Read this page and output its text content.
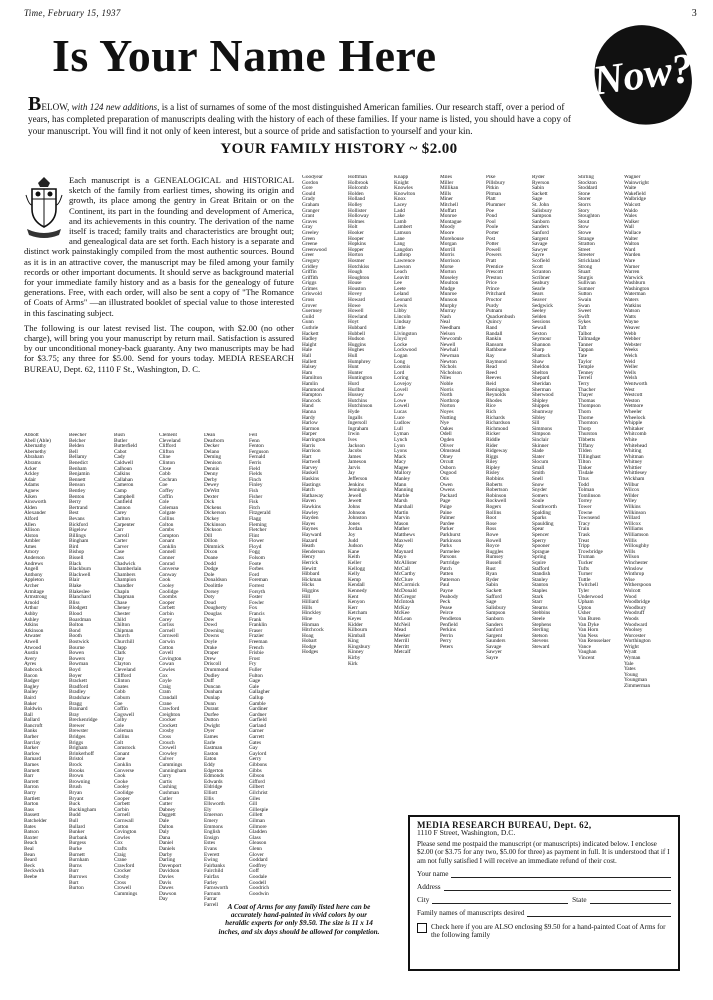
Time, February 15, 1937	3
Is Your Name Here	Now?

BELOW, with 124 new additions, is a list of surnames of some of the most distinguished American families. Our research staff, over a period of years, has completed preparation of manuscripts dealing with the history of each of these families. If your name is listed, you should have a copy of your manuscript. You will find it not only of keen interest, but a source of pride and satisfaction to yourself and your kin.

YOUR FAMILY HISTORY ~ $2.00
Each manuscript is a GENEALOGICAL and HISTORICAL sketch of the family from earliest times, showing its origin and growth, its place among the gentry in Great Britain or on the Continent, its part in the founding and development of America, and its achievements in this country. The derivation of the name itself is traced; family traits and characteristics are brought out; and genealogical data are set forth. Each history is a separate and distinct work painstakingly compiled from the most authentic sources. Bound as it is in an attractive cover, the manuscript may be filed among your family records or other important documents. It should serve as background material for your immediate family history and as a basis for the genealogy of future generations. Free, with each order, will also be sent a copy of "The Romance of Coats of Arms" —an illustrated booklet of special value to those interested in this fascinating subject.
The following is our latest revised list. The coupon, with $2.00 (no other charge), will bring you your manuscript by return mail. Satisfaction is assured by our unconditional money-back guaranty. Any two manuscripts may be had for $3.75; any three for $5.00. Send for yours today. MEDIA RESEARCH BUREAU, Dept. 62, 1110 F St., Washington, D. C.
Abbott
Abell (Able)
Abernathy
Abernethy
Abraham
Abrams
Acker
Ackley
Adair
Adams
Agnew
Aiken
Ainsworth
Alden
Alexander
Alford
Allen
Allison
Alston
Ambler
Ames
Amory
Anderson
Andrews
Angell
Anthony
Appleton
Archer
Armitage
Armstrong
Arnold
Arthur
Ashby
Ashley
Atkins
Atkinson
Atwater
Atwell
Atwood
Austin
Avery
Ayres
Babcock
Bacon
Badger
Bagley
Bailey
Baird
Baker
Baldwin
Ball
Ballard
Bancroft
Banks
Barber
Barclay
Barker
Barlow
Barnard
Barnes
Barnett
Barr
Barrett
Barron
Barry
Bartlett
Barton
Bass
Bassett
Batchelder
Bates
Batson
Baxter
Beach
Beal
Bean
Beard
Beck
Beckwith
Beebe
Beecher
Belcher
Belden
Bell
Bellamy
Benedict
Benham
Benjamin
Bennett
Benson
Bentley
Benton
Berry
Bertrand
Best
Bevans
Bickford
Bigelow
Billings
Bingham
Bird
Bishop
Bissell
Black
Blackburn
Blackwell
Blair
Blake
Blakeslee
Blanchard
Bliss
Blodgett
Blood
Boardman
Bolton
Bond
Booth
Bostwick
Bourne
Bowen
Bowers
Bowman
Boyd
Boyer
Brackett
Bradford
Bradley
Bradshaw
Bragg
Brainard
Bray
Breckenridge
Brewer
Brewster
Bridges
Briggs
Brigham
Brinkerhoff
Bristol
Brock
Brooks
Brown
Browning
Brush
Bryan
Bryant
Buck
Buckingham
Budd
Bull
Bullard
Bunker
Burbank
Burgess
Burke
Burnett
Burnham
Burns
Burr
Burrows
Burt
Burton
Bush
Butler
Butterfield
Cabot
Cady
Caldwell
Calhoun
Calkins
Callahan
Cameron
Camp
Campbell
Canfield
Cannon
Carey
Carlton
Carpenter
Carr
Carroll
Carter
Carver
Case
Cass
Chadwick
Chamberlain
Chambers
Champion
Chandler
Chapin
Chapman
Chase
Cheney
Chester
Child
Chilton
Chipman
Church
Churchill
Clapp
Clark
Clay
Clayton
Cleveland
Clifford
Clinton
Coates
Cobb
Coburn
Coe
Coffin
Cogswell
Colby
Cole
Coleman
Collins
Colt
Comstock
Conant
Cone
Conklin
Converse
Cook
Cooke
Cooley
Coolidge
Cooper
Corbett
Corbin
Cornell
Cornwall
Cotton
Covington
Cowles
Cox
Crafts
Craig
Crane
Crawford
Crocker
Crosby
Cross
Crowell
Cummings
Clement
Cleveland
Clifford
Clifton
Cline
Clinton
Close
Cobb
Cochran
Coe
Coffey
Coffin
Cole
Coleman
Colgate
Collins
Colton
Combs
Compton
Conant
Conklin
Connell
Conner
Conrad
Converse
Conway
Cook
Cooley
Coolidge
Coombs
Cooper
Corbett
Corbin
Corey
Corliss
Cornell
Cornwell
Corwin
Cotton
Covell
Covington
Cowan
Cowles
Cox
Coyle
Craig
Cram
Crandall
Crane
Crawford
Creighton
Crocker
Crockett
Crosby
Cross
Crouch
Crowell
Crowley
Culver
Cummings
Cunningham
Curry
Curtis
Cushing
Cushman
Cutler
Cutter
Dabney
Daggett
Dale
Dalton
Daly
Dana
Daniel
Daniels
Darby
Darling
Davenport
Davidson
Davies
Davis
Dawes
Dawson
Day
Dean
Dearborn
Decker
Delano
Deming
Denison
Dennis
Denny
Derby
Dewey
DeWitt
Dexter
Dick
Dickens
Dickerson
Dickey
Dickinson
Dickson
Dill
Dillon
Dimmick
Dixon
Doane
Dodd
Dodge
Dole
Donaldson
Doolittle
Dorsey
Doty
Doud
Dougherty
Douglas
Dow
Dowd
Downing
Downs
Doyle
Drake
Draper
Drew
Driscoll
Drummond
Dudley
Duff
Duncan
Dunham
Dunlap
Dunn
Durant
Durfee
Dutton
Dwight
Dyer
Eames
Earle
Eastman
Easton
Eaton
Eddy
Edgerton
Edmonds
Edwards
Eldridge
Elliott
Ellis
Ellsworth
Ely
Emerson
Emery
Emmons
English
Ensign
Estes
Evans
Everett
Ewing
Fairbanks
Fairchild
Fairfax
Farley
Farnsworth
Farnum
Farrar
Farrell
Fell
Fenn
Fenton
Ferguson
Fernald
Ferris
Field
Fields
Finch
Finley
Fish
Fisher
Fisk
Fitch
Fitzgerald
Flagg
Fleming
Fletcher
Flint
Flower
Floyd
Fogg
Folsom
Foote
Forbes
Ford
Foreman
Forrest
Forsyth
Foster
Fowler
Fox
Francis
Frank
Franklin
Fraser
Frazier
Freeman
French
Frisbie
Frost
Fry
Fuller
Fulton
Gage
Gale
Gallagher
Gallup
Gamble
Gardiner
Gardner
Garfield
Garland
Garner
Garrett
Gates
Gay
Gaylord
Gerry
Gibbons
Gibbs
Gibson
Gifford
Gilbert
Gilchrist
Giles
Gill
Gillespie
Gillett
Gilman
Gilmore
Gladden
Glass
Gleason
Glenn
Glover
Goddard
Godfrey
Goff
Goodale
Goodell
Goodrich
Goodwin
A Coat of Arms for any family listed here can be accurately hand-painted in vivid colors by our heraldic experts for only $9.50. The size is 11 x 14 inches, and six days should be allowed for completion.
Goodyear
Gordon
Gore
Gould
Grady
Graham
Granger
Grant
Graves
Gray
Greeley
Green
Greene
Greenwood
Greer
Gregory
Gridley
Griffin
Griffith
Griggs
Grimes
Griswold
Gross
Grover
Guernsey
Guild
Gunn
Guthrie
Hackett
Hadley
Haight
Hale
Hall
Hallett
Halsey
Ham
Hamilton
Hamlin
Hammond
Hampton
Hancock
Hand
Hanna
Hardy
Harlow
Harmon
Harper
Harrington
Harris
Harrison
Hart
Hartwell
Harvey
Haskell
Haskins
Hastings
Hatch
Hathaway
Haven
Hawkins
Hawley
Hayden
Hayes
Haynes
Hayward
Hazard
Heath
Henderson
Henry
Herrick
Hewitt
Hibbard
Hickman
Hicks
Higgins
Hill
Hilliard
Hills
Hinckley
Hine
Hinman
Hitchcock
Hoag
Hobart
Hodge
Hodges
Hoffman
Holbrook
Holcomb
Holden
Holland
Holley
Hollister
Holloway
Holmes
Holt
Hooker
Hooper
Hopkins
Hopper
Horton
Hosmer
Hotchkiss
Hough
Houghton
House
Houston
Hovey
Howard
Howe
Howell
Howland
Hoyt
Hubbard
Hubbell
Hudson
Huggins
Hughes
Hull
Humphrey
Hunt
Hunter
Huntington
Hurd
Hurlbut
Hussey
Hutchins
Hutchinson
Hyde
Ingalls
Ingersoll
Ingraham
Irwin
Ives
Jackson
Jacobs
James
Jameson
Jarvis
Jay
Jefferson
Jenkins
Jennings
Jewell
Jewett
Johns
Johnson
Johnston
Jones
Jordan
Joy
Judd
Judson
Kane
Keith
Keller
Kellogg
Kelly
Kemp
Kendall
Kennedy
Kent
Kenyon
Kerr
Ketcham
Keyes
Kidder
Kilbourn
Kimball
King
Kingsbury
Kinney
Kirby
Kirk
Knapp
Knight
Knowles
Knowlton
Knox
Lacey
Ladd
Lake
Lamb
Lambert
Lamson
Lane
Lang
Langdon
Lathrop
Lawrence
Lawson
Leach
Leavitt
Lee
Leete
Leland
Leonard
Lewis
Libby
Lincoln
Lindsay
Little
Livingston
Lloyd
Locke
Lockwood
Logan
Long
Loomis
Lord
Loring
Lovejoy
Lovell
Low
Lowe
Lowell
Lucas
Luce
Ludlow
Lull
Lyman
Lynch
Lyon
Lyons
Mack
Macy
Magee
Mallory
Manley
Mann
Manning
Marble
Marsh
Marshall
Martin
Marvin
Mason
Mather
Matthews
Maxwell
May
Maynard
Mayo
McAllister
McCall
McCarthy
McClure
McCormick
McDonald
McGregor
McIntosh
McKay
McKee
McLean
McNeil
Mead
Meeker
Merrill
Merritt
Metcalf
Miles
Miller
Millikan
Mills
Miner
Mitchell
Moffatt
Monroe
Montague
Moody
Moore
Morehouse
Morgan
Morrill
Morris
Morrison
Morse
Morton
Moseley
Moulton
Mudge
Munroe
Munson
Murphy
Murray
Nash
Neal
Needham
Nelson
Newcomb
Newell
Newhall
Newman
Newton
Nichols
Nicholson
Niles
Noble
Norris
North
Northrop
Norton
Noyes
Nutting
Nye
Oakes
Odell
Ogden
Oliver
Olmstead
Olney
Orcutt
Osborn
Osgood
Otis
Owen
Owens
Packard
Page
Paige
Paine
Palmer
Pardee
Parker
Parkhurst
Parkinson
Parks
Parmelee
Parsons
Partridge
Patch
Patten
Patterson
Paul
Payne
Peabody
Peck
Pease
Peirce
Pendleton
Penfield
Perkins
Perrin
Perry
Peters
Pike
Pillsbury
Pitkin
Pitman
Platt
Plummer
Poe
Pond
Pool
Poole
Porter
Post
Potter
Powell
Powers
Pratt
Prentice
Prescott
Preston
Price
Prince
Pritchard
Proctor
Purdy
Putnam
Quackenbush
Quincy
Rand
Randall
Rankin
Ransom
Rathbone
Ray
Raymond
Read
Reed
Reeves
Reid
Remington
Reynolds
Rhodes
Rice
Rich
Richards
Richardson
Richmond
Ricker
Riddle
Rider
Ridgeway
Riggs
Riley
Ripley
Risley
Robbins
Roberts
Robertson
Robinson
Rockwell
Rogers
Rollins
Root
Rose
Ross
Rowe
Rowell
Royce
Ruggles
Rumsey
Russell
Rust
Ryan
Ryder
Sabin
Sackett
Safford
Sage
Salisbury
Sampson
Sanborn
Sanders
Sanford
Sargent
Saunders
Savage
Sawyer
Sayre
Ryder
Ryerson
Sabin
Sackett
Sage
St. John
Salisbury
Sampson
Sanborn
Sanders
Sanford
Sargent
Savage
Sawyer
Sayre
Scofield
Scott
Scranton
Scribner
Seabury
Searle
Sears
Seaver
Sedgwick
Seeley
Selden
Sessions
Sewall
Sexton
Seymour
Shannon
Sharp
Shattuck
Shaw
Sheldon
Shelton
Shepard
Sheridan
Sherman
Sherwood
Shipley
Shippen
Shumway
Sibley
Sill
Simmons
Simpson
Sinclair
Skinner
Slade
Slater
Slocum
Small
Smith
Snell
Snow
Snyder
Somers
Soule
Southworth
Spalding
Sparks
Spaulding
Spear
Spencer
Sperry
Spooner
Sprague
Spring
Squire
Stafford
Standish
Stanley
Stanton
Staples
Stark
Starr
Stearns
Stebbins
Steele
Stephens
Sterling
Stetson
Stevens
Steward
Stirling
Stockton
Stoddard
Stone
Storer
Storrs
Story
Stoughton
Stout
Stow
Stowe
Strange
Stratton
Street
Streeter
Strickland
Strong
Stuart
Sturgis
Sullivan
Sumner
Sutton
Swain
Swan
Sweet
Swift
Sykes
Taft
Talbot
Tallmadge
Tanner
Tappan
Tate
Taylor
Temple
Tenney
Terrell
Terry
Thacher
Thayer
Thomas
Thompson
Thorn
Thorne
Thornton
Thorp
Thurston
Tibbetts
Tiffany
Tilden
Tillinghast
Tilton
Tinker
Tisdale
Titus
Todd
Tolman
Tomlinson
Torrey
Tower
Towne
Townsend
Tracy
Train
Trask
Treat
Tripp
Trowbridge
Truman
Tucker
Tufts
Turner
Tuttle
Twitchell
Tyler
Underwood
Upham
Upton
Usher
Van Buren
Van Dyke
Van Horn
Van Ness
Van Rensselaer
Vance
Vaughan
Vincent
Wagner
Wainwright
Waite
Wakefield
Walbridge
Walcott
Waldo
Wales
Walker
Wall
Wallace
Walter
Walton
Ward
Warden
Ware
Warner
Warren
Warwick
Washburn
Washington
Waterman
Waters
Watkins
Watson
Watts
Wayne
Weaver
Webb
Webber
Webster
Weeks
Welch
Weld
Weller
Wells
Welsh
Wentworth
West
Westcott
Weston
Wetmore
Wheeler
Wheelock
Whipple
Whitaker
Whitcomb
White
Whitehead
Whiting
Whitman
Whitney
Whittier
Whittlesey
Wickham
Wilbur
Wilcox
Wilder
Wiley
Wilkins
Wilkinson
Willard
Willcox
Williams
Williamson
Willis
Willoughby
Wills
Wilson
Winchester
Winslow
Winthrop
Wise
Witherspoon
Wolcott
Wood
Woodbridge
Woodbury
Woodruff
Woods
Woodward
Woolsey
Worcester
Worthington
Wright
Wyatt
Wyman
Yale
Yates
Young
Youngman
Zimmerman
MEDIA RESEARCH BUREAU, Dept. 62,
1110 F Street, Washington, D.C.
Please send me postpaid the manuscript (or manuscripts) indicated below. I enclose $2.00 (or $3.75 for any two, $5.00 for three) as payment in full. It is understood that if I am not fully satisfied I will receive an immediate refund of their cost.
Your name
Address
City	State
Family names of manuscripts desired
Check here if you are ALSO enclosing $9.50 for a hand-painted Coat of Arms for the following family
